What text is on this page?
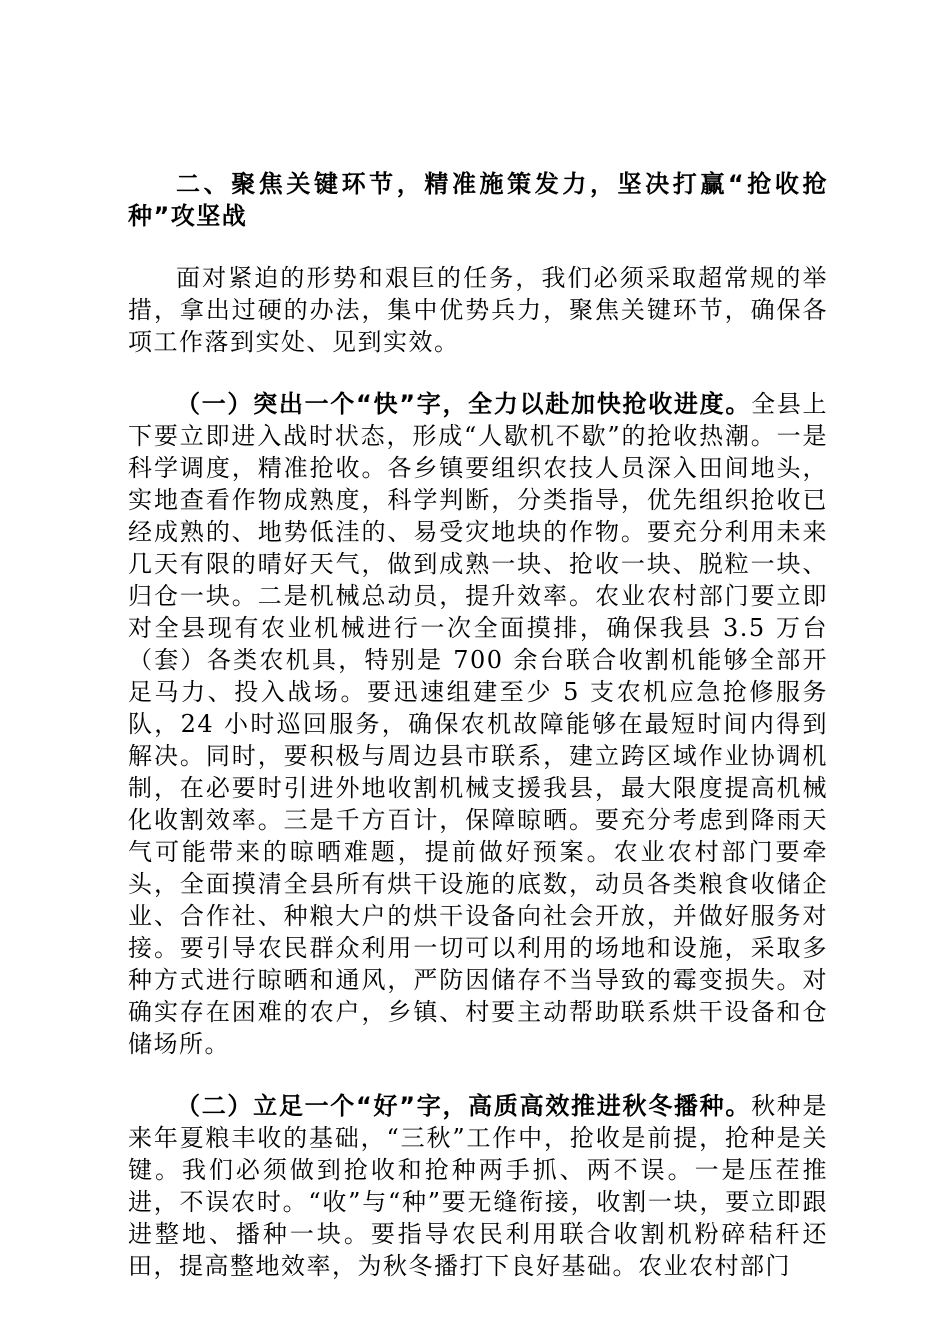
二、聚焦关键环节，精准施策发力，坚决打赢“抢收抢种”攻坚战

面对紧迫的形势和艰巨的任务，我们必须采取超常规的举措，拿出过硬的办法，集中优势兵力，聚焦关键环节，确保各项工作落到实处、见到实效。

（一）突出一个“快”字，全力以赴加快抢收进度。全县上下要立即进入战时状态，形成“人歇机不歇”的抢收热潮。一是科学调度，精准抢收。各乡镇要组织农技人员深入田间地头，实地查看作物成熟度，科学判断，分类指导，优先组织抢收已经成熟的、地势低洼的、易受灾地块的作物。要充分利用未来几天有限的晴好天气，做到成熟一块、抢收一块、脱粒一块、归仓一块。二是机械总动员，提升效率。农业农村部门要立即对全县现有农业机械进行一次全面摸排，确保我县 3.5 万台（套）各类农机具，特别是 700 余台联合收割机能够全部开足马力、投入战场。要迅速组建至少 5 支农机应急抢修服务队，24 小时巡回服务，确保农机故障能够在最短时间内得到解决。同时，要积极与周边县市联系，建立跨区域作业协调机制，在必要时引进外地收割机械支援我县，最大限度提高机械化收割效率。三是千方百计，保障晾晒。要充分考虑到降雨天气可能带来的晾晒难题，提前做好预案。农业农村部门要牵头，全面摸清全县所有烘干设施的底数，动员各类粮食收储企业、合作社、种粮大户的烘干设备向社会开放，并做好服务对接。要引导农民群众利用一切可以利用的场地和设施，采取多种方式进行晾晒和通风，严防因储存不当导致的霉变损失。对确实存在困难的农户，乡镇、村要主动帮助联系烘干设备和仓储场所。

（二）立足一个“好”字，高质高效推进秋冬播种。秋种是来年夏粮丰收的基础，“三秋”工作中，抢收是前提，抢种是关键。我们必须做到抢收和抢种两手抓、两不误。一是压茬推进，不误农时。“收”与“种”要无缝衔接，收割一块，要立即跟进整地、播种一块。要指导农民利用联合收割机粉碎秸秆还田，提高整地效率，为秋冬播打下良好基础。农业农村部门
